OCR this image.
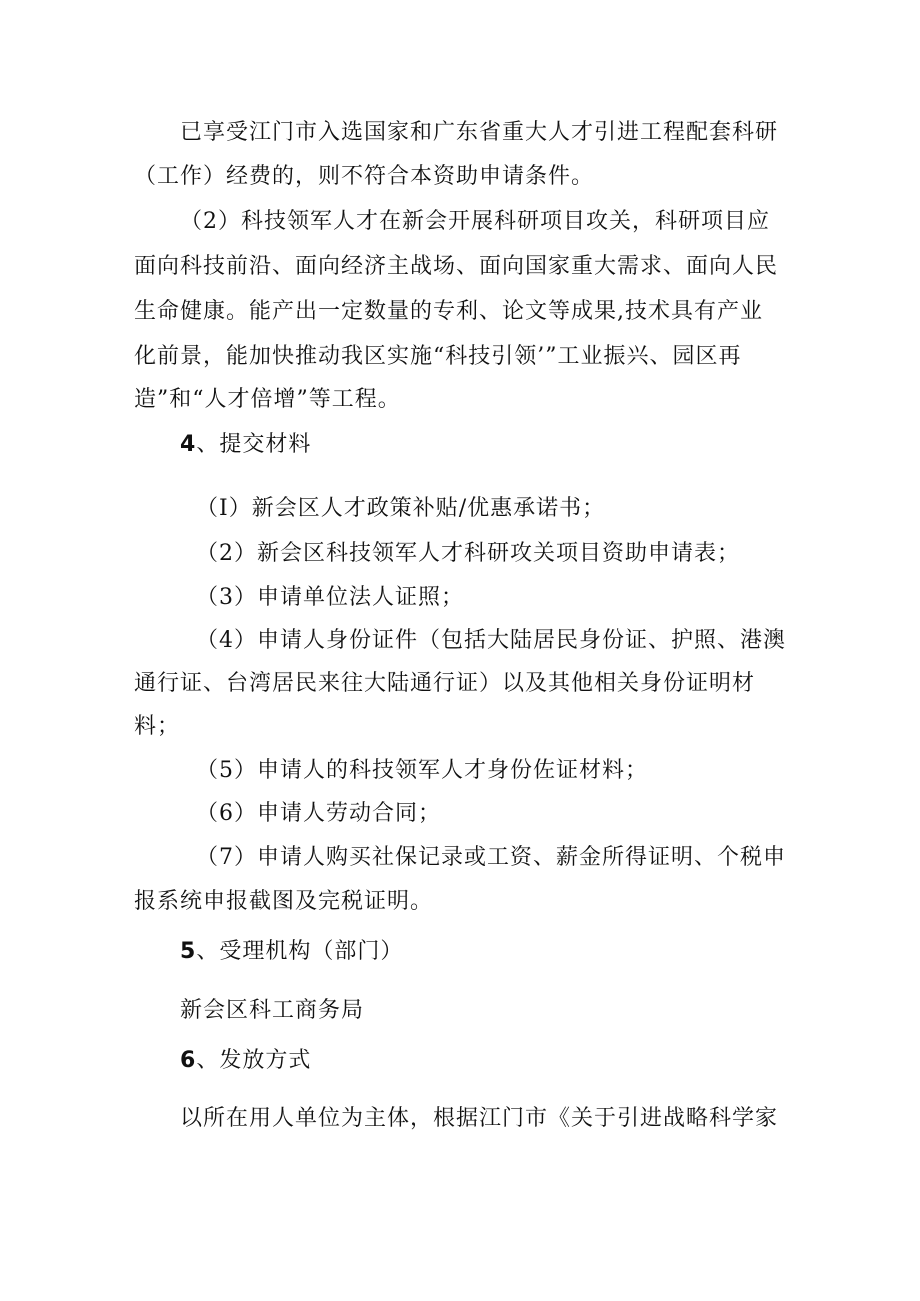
已享受江门市入选国家和广东省重大人才引进工程配套科研
（工作）经费的，则不符合本资助申请条件。
（2）科技领军人才在新会开展科研项目攻关，科研项目应
面向科技前沿、面向经济主战场、面向国家重大需求、面向人民
生命健康。能产出一定数量的专利、论文等成果,技术具有产业
化前景，能加快推动我区实施“科技引领’”工业振兴、园区再
造”和“人才倍增”等工程。
4、提交材料
（I）新会区人才政策补贴/优惠承诺书；
（2）新会区科技领军人才科研攻关项目资助申请表；
（3）申请单位法人证照；
（4）申请人身份证件（包括大陆居民身份证、护照、港澳
通行证、台湾居民来往大陆通行证）以及其他相关身份证明材
料；
（5）申请人的科技领军人才身份佐证材料；
（6）申请人劳动合同；
（7）申请人购买社保记录或工资、薪金所得证明、个税申
报系统申报截图及完税证明。
5、受理机构（部门）
新会区科工商务局
6、发放方式
以所在用人单位为主体，根据江门市《关于引进战略科学家
